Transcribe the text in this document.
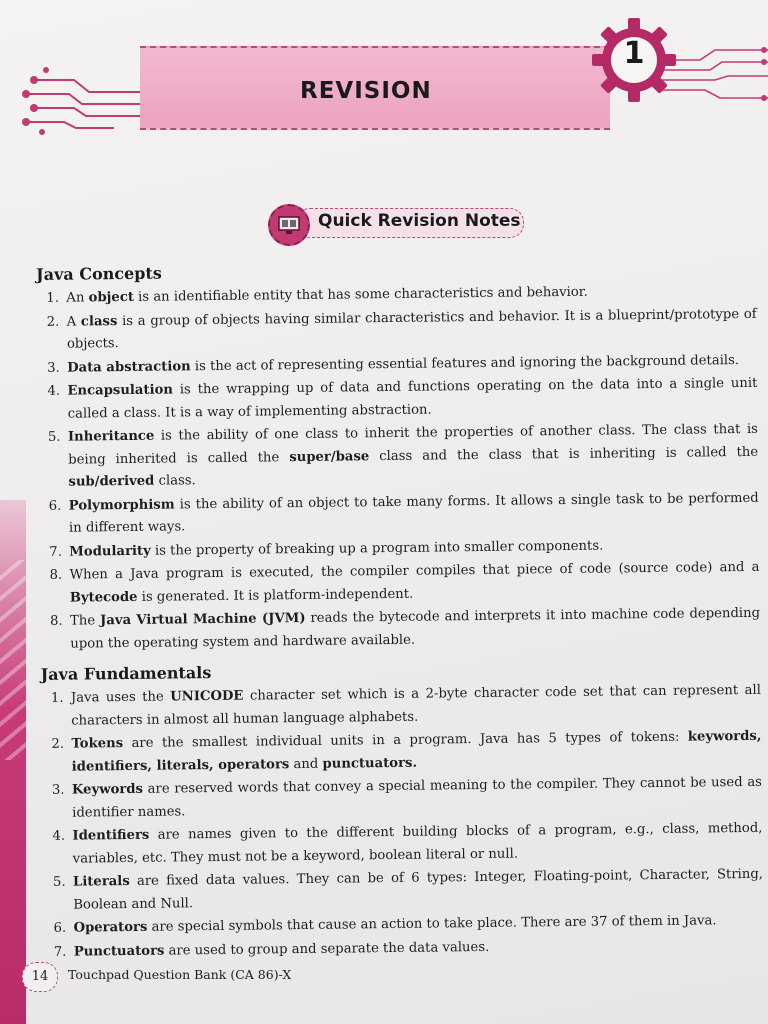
REVISION
1
Quick Revision Notes
Java Concepts
1. An object is an identifiable entity that has some characteristics and behavior.
2. A class is a group of objects having similar characteristics and behavior. It is a blueprint/prototype of objects.
3. Data abstraction is the act of representing essential features and ignoring the background details.
4. Encapsulation is the wrapping up of data and functions operating on the data into a single unit called a class. It is a way of implementing abstraction.
5. Inheritance is the ability of one class to inherit the properties of another class. The class that is being inherited is called the super/base class and the class that is inheriting is called the sub/derived class.
6. Polymorphism is the ability of an object to take many forms. It allows a single task to be performed in different ways.
7. Modularity is the property of breaking up a program into smaller components.
8. When a Java program is executed, the compiler compiles that piece of code (source code) and a Bytecode is generated. It is platform-independent.
8. The Java Virtual Machine (JVM) reads the bytecode and interprets it into machine code depending upon the operating system and hardware available.
Java Fundamentals
1. Java uses the UNICODE character set which is a 2-byte character code set that can represent all characters in almost all human language alphabets.
2. Tokens are the smallest individual units in a program. Java has 5 types of tokens: keywords, identifiers, literals, operators and punctuators.
3. Keywords are reserved words that convey a special meaning to the compiler. They cannot be used as identifier names.
4. Identifiers are names given to the different building blocks of a program, e.g., class, method, variables, etc. They must not be a keyword, boolean literal or null.
5. Literals are fixed data values. They can be of 6 types: Integer, Floating-point, Character, String, Boolean and Null.
6. Operators are special symbols that cause an action to take place. There are 37 of them in Java.
7. Punctuators are used to group and separate the data values.
14	Touchpad Question Bank (CA 86)-X
